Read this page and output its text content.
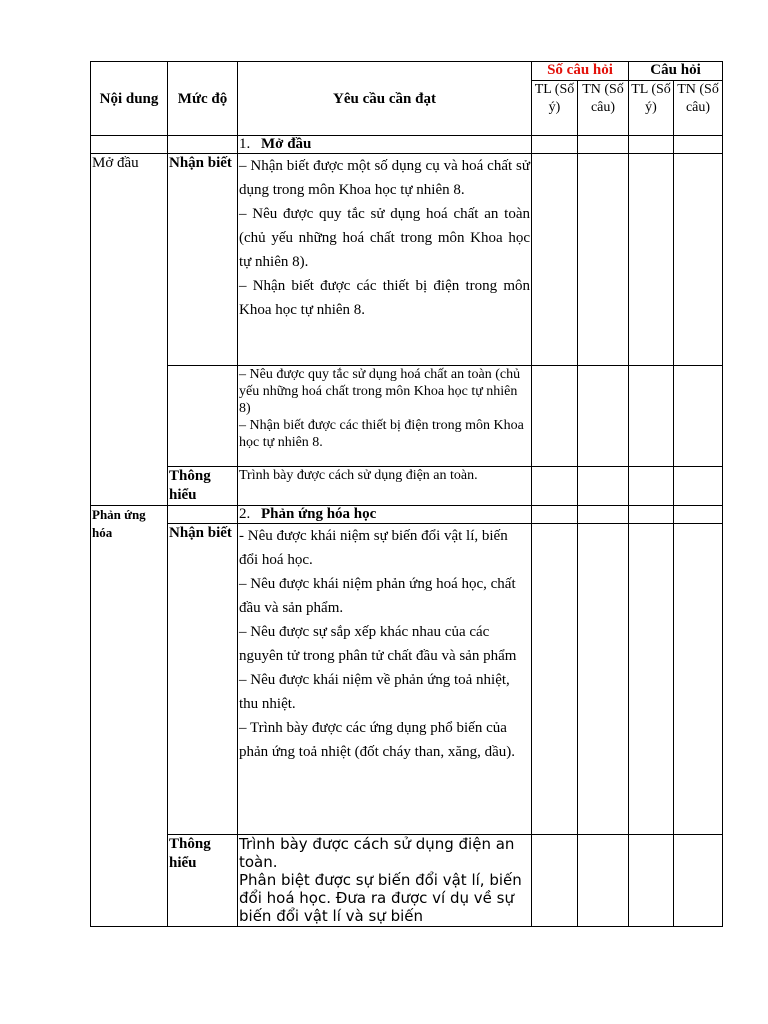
Nội dung	Mức độ	Yêu cầu cần đạt	Số câu hỏi		Câu hỏi	
			TL (Số ý)	TN (Số câu)	TL (Số ý)	TN (Số câu)
		1. Mở đầu				
Mở đầu	Nhận biết	– Nhận biết được một số dụng cụ và hoá chất sử dụng trong môn Khoa học tự nhiên 8.

– Nêu được quy tắc sử dụng hoá chất an toàn (chủ yếu những hoá chất trong môn Khoa học tự nhiên 8).

– Nhận biết được các thiết bị điện trong môn Khoa học tự nhiên 8.				

		– Nêu được quy tắc sử dụng hoá chất an toàn (chủ yếu những hoá chất trong môn Khoa học tự nhiên 8)
– Nhận biết được các thiết bị điện trong môn Khoa học tự nhiên 8.				

	Thông hiểu	Trình bày được cách sử dụng điện an toàn.				
Phản ứng hóa		2. Phản ứng hóa học				
	Nhận biết	- Nêu được khái niệm sự biến đổi vật lí, biến đổi hoá học.

– Nêu được khái niệm phản ứng hoá học, chất đầu và sản phẩm.

– Nêu được sự sắp xếp khác nhau của các nguyên tử trong phân tử chất đầu và sản phẩm

– Nêu được khái niệm về phản ứng toả nhiệt, thu nhiệt.

– Trình bày được các ứng dụng phổ biến của phản ứng toả nhiệt (đốt cháy than, xăng, dầu).				

	Thông hiểu	Trình bày được cách sử dụng điện an toàn.
Phân biệt được sự biến đổi vật lí, biến đổi hoá học. Đưa ra được ví dụ về sự biến đổi vật lí và sự biến				
